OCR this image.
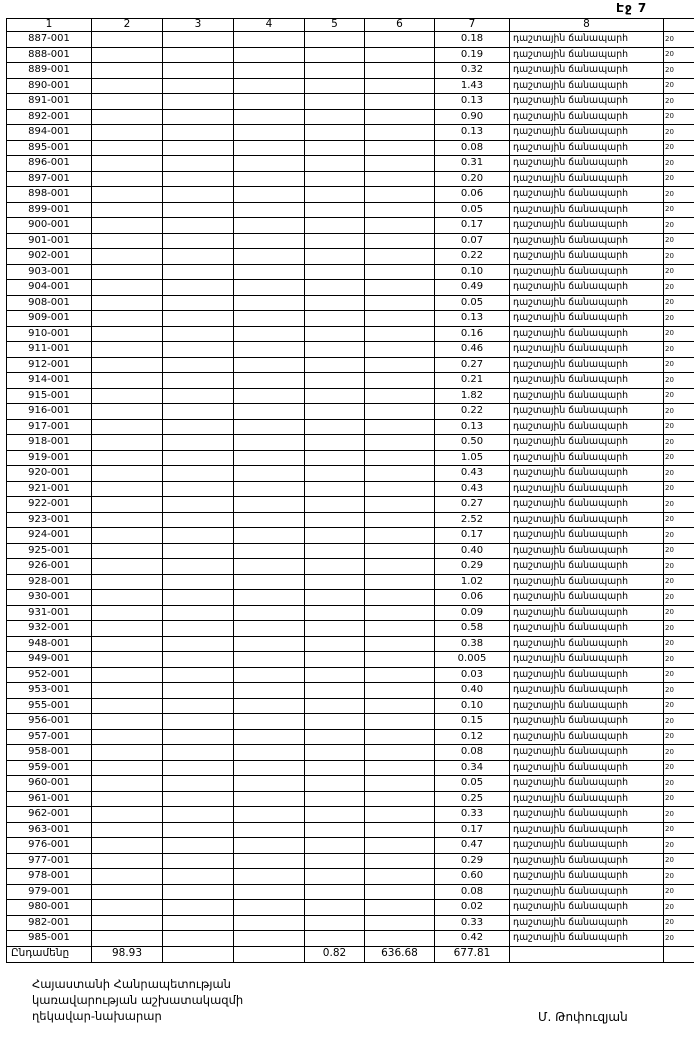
Էջ 7
1	2	3	4	5	6	7	8	
887-001						0.18	դաշտային ճանապարհ	20
888-001						0.19	դաշտային ճանապարհ	20
889-001						0.32	դաշտային ճանապարհ	20
890-001						1.43	դաշտային ճանապարհ	20
891-001						0.13	դաշտային ճանապարհ	20
892-001						0.90	դաշտային ճանապարհ	20
894-001						0.13	դաշտային ճանապարհ	20
895-001						0.08	դաշտային ճանապարհ	20
896-001						0.31	դաշտային ճանապարհ	20
897-001						0.20	դաշտային ճանապարհ	20
898-001						0.06	դաշտային ճանապարհ	20
899-001						0.05	դաշտային ճանապարհ	20
900-001						0.17	դաշտային ճանապարհ	20
901-001						0.07	դաշտային ճանապարհ	20
902-001						0.22	դաշտային ճանապարհ	20
903-001						0.10	դաշտային ճանապարհ	20
904-001						0.49	դաշտային ճանապարհ	20
908-001						0.05	դաշտային ճանապարհ	20
909-001						0.13	դաշտային ճանապարհ	20
910-001						0.16	դաշտային ճանապարհ	20
911-001						0.46	դաշտային ճանապարհ	20
912-001						0.27	դաշտային ճանապարհ	20
914-001						0.21	դաշտային ճանապարհ	20
915-001						1.82	դաշտային ճանապարհ	20
916-001						0.22	դաշտային ճանապարհ	20
917-001						0.13	դաշտային ճանապարհ	20
918-001						0.50	դաշտային ճանապարհ	20
919-001						1.05	դաշտային ճանապարհ	20
920-001						0.43	դաշտային ճանապարհ	20
921-001						0.43	դաշտային ճանապարհ	20
922-001						0.27	դաշտային ճանապարհ	20
923-001						2.52	դաշտային ճանապարհ	20
924-001						0.17	դաշտային ճանապարհ	20
925-001						0.40	դաշտային ճանապարհ	20
926-001						0.29	դաշտային ճանապարհ	20
928-001						1.02	դաշտային ճանապարհ	20
930-001						0.06	դաշտային ճանապարհ	20
931-001						0.09	դաշտային ճանապարհ	20
932-001						0.58	դաշտային ճանապարհ	20
948-001						0.38	դաշտային ճանապարհ	20
949-001						0.005	դաշտային ճանապարհ	20
952-001						0.03	դաշտային ճանապարհ	20
953-001						0.40	դաշտային ճանապարհ	20
955-001						0.10	դաշտային ճանապարհ	20
956-001						0.15	դաշտային ճանապարհ	20
957-001						0.12	դաշտային ճանապարհ	20
958-001						0.08	դաշտային ճանապարհ	20
959-001						0.34	դաշտային ճանապարհ	20
960-001						0.05	դաշտային ճանապարհ	20
961-001						0.25	դաշտային ճանապարհ	20
962-001						0.33	դաշտային ճանապարհ	20
963-001						0.17	դաշտային ճանապարհ	20
976-001						0.47	դաշտային ճանապարհ	20
977-001						0.29	դաշտային ճանապարհ	20
978-001						0.60	դաշտային ճանապարհ	20
979-001						0.08	դաշտային ճանապարհ	20
980-001						0.02	դաշտային ճանապարհ	20
982-001						0.33	դաշտային ճանապարհ	20
985-001						0.42	դաշտային ճանապարհ	20
Ընդամենը	98.93			0.82	636.68	677.81		
Հայաստանի Հանրապետության
կառավարության աշխատակազմի
ղեկավար-նախարար	Մ. Թոփուզյան
